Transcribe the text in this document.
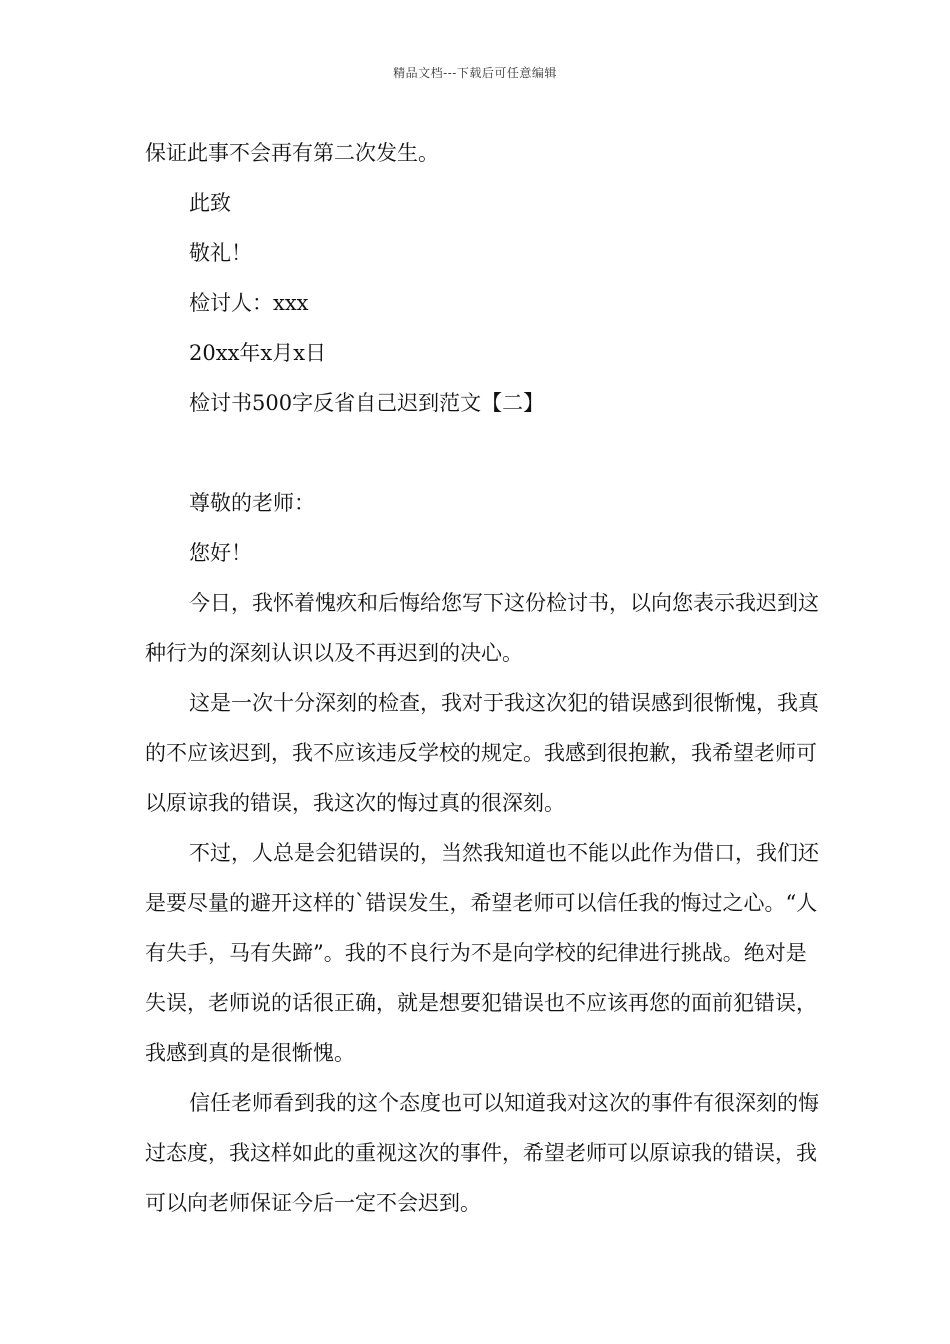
精品文档---下载后可任意编辑

保证此事不会再有第二次发生。

此致

敬礼！

检讨人：xxx

20xx年x月x日

检讨书500字反省自己迟到范文【二】

尊敬的老师：

您好！

今日，我怀着愧疚和后悔给您写下这份检讨书，以向您表示我迟到这种行为的深刻认识以及不再迟到的决心。

这是一次十分深刻的检查，我对于我这次犯的错误感到很惭愧，我真的不应该迟到，我不应该违反学校的规定。我感到很抱歉，我希望老师可以原谅我的错误，我这次的悔过真的很深刻。

不过，人总是会犯错误的，当然我知道也不能以此作为借口，我们还是要尽量的避开这样的`错误发生，希望老师可以信任我的悔过之心。“人有失手，马有失蹄”。我的不良行为不是向学校的纪律进行挑战。绝对是失误，老师说的话很正确，就是想要犯错误也不应该再您的面前犯错误，我感到真的是很惭愧。

信任老师看到我的这个态度也可以知道我对这次的事件有很深刻的悔过态度，我这样如此的重视这次的事件，希望老师可以原谅我的错误，我可以向老师保证今后一定不会迟到。
